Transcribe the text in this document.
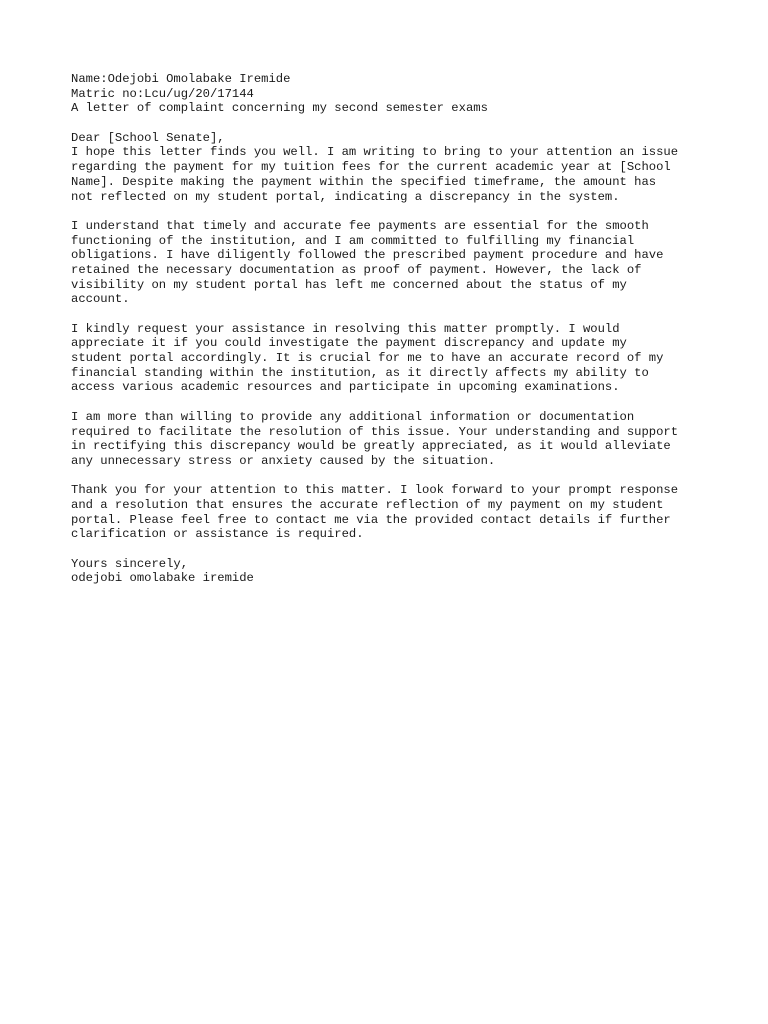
Name:Odejobi Omolabake Iremide
Matric no:Lcu/ug/20/17144
A letter of complaint concerning my second semester exams
Dear [School Senate],
I hope this letter finds you well. I am writing to bring to your attention an issue
regarding the payment for my tuition fees for the current academic year at [School
Name]. Despite making the payment within the specified timeframe, the amount has
not reflected on my student portal, indicating a discrepancy in the system.
I understand that timely and accurate fee payments are essential for the smooth
functioning of the institution, and I am committed to fulfilling my financial
obligations. I have diligently followed the prescribed payment procedure and have
retained the necessary documentation as proof of payment. However, the lack of
visibility on my student portal has left me concerned about the status of my
account.
I kindly request your assistance in resolving this matter promptly. I would
appreciate it if you could investigate the payment discrepancy and update my
student portal accordingly. It is crucial for me to have an accurate record of my
financial standing within the institution, as it directly affects my ability to
access various academic resources and participate in upcoming examinations.
I am more than willing to provide any additional information or documentation
required to facilitate the resolution of this issue. Your understanding and support
in rectifying this discrepancy would be greatly appreciated, as it would alleviate
any unnecessary stress or anxiety caused by the situation.
Thank you for your attention to this matter. I look forward to your prompt response
and a resolution that ensures the accurate reflection of my payment on my student
portal. Please feel free to contact me via the provided contact details if further
clarification or assistance is required.
Yours sincerely,
odejobi omolabake iremide
